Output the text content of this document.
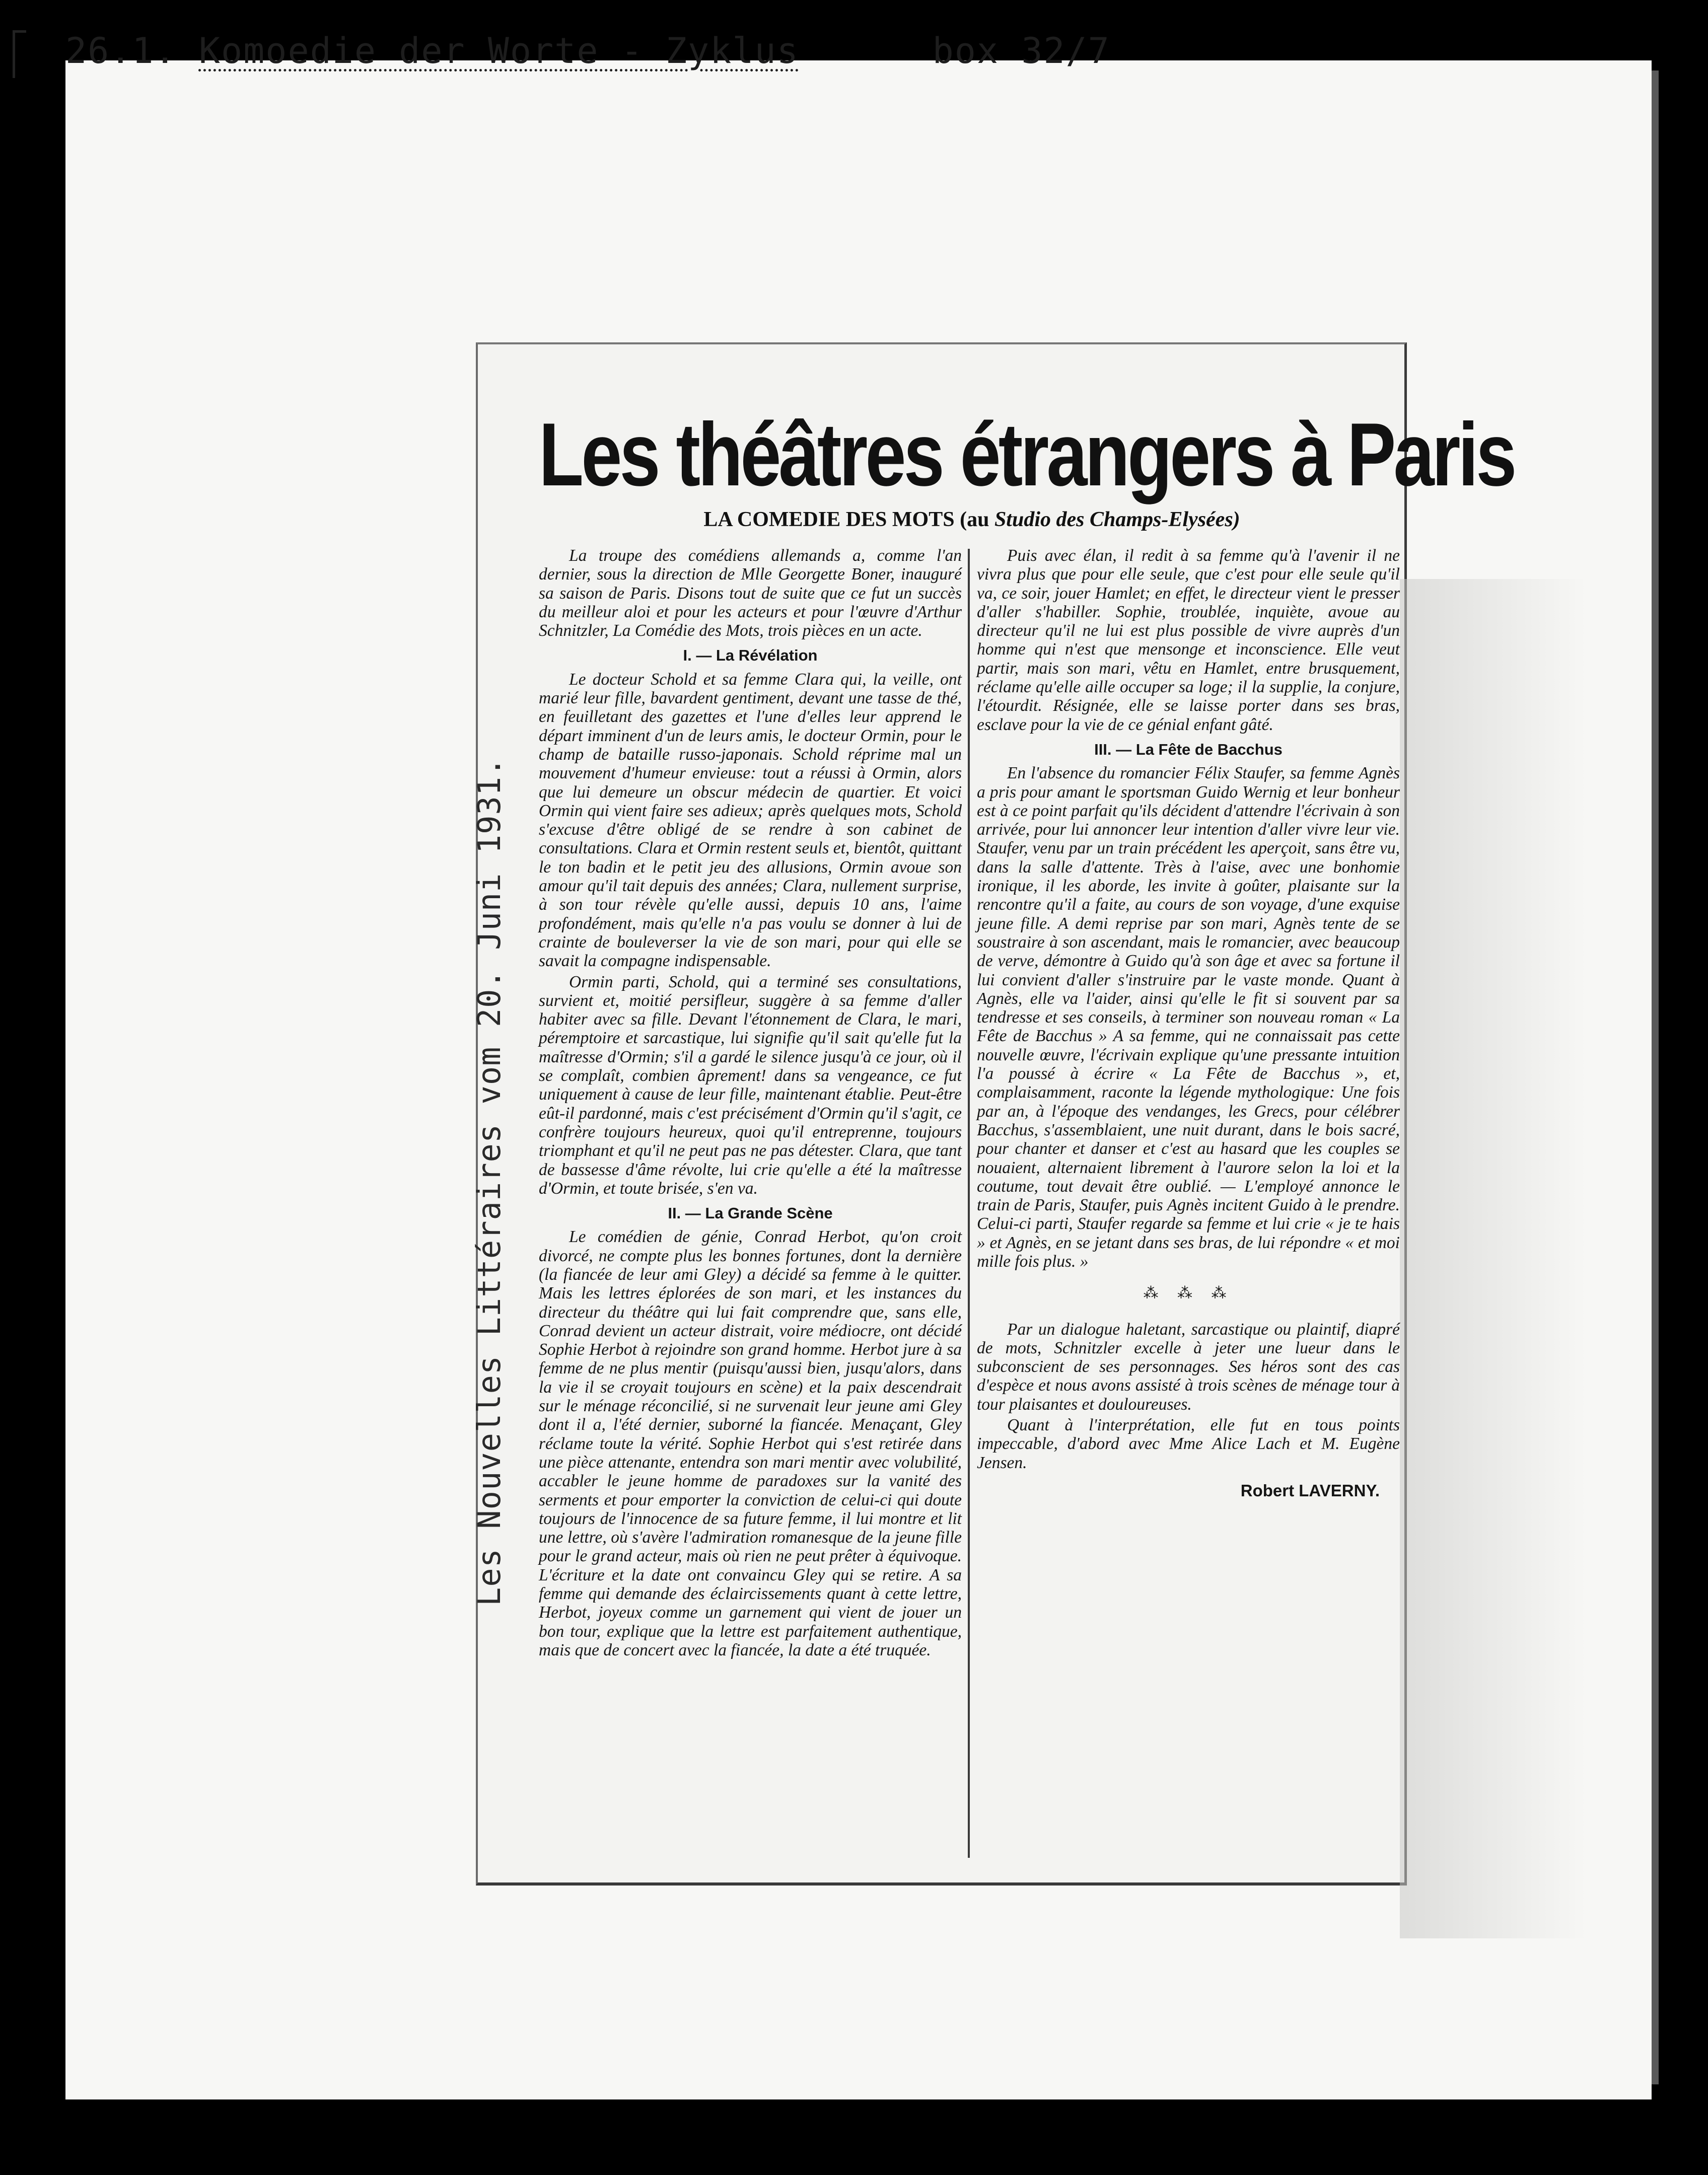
26.1. Komoedie der Worte - Zyklus	box 32/7
Les Nouvelles Littéraires vom 20. Juni 1931.
Les théâtres étrangers à Paris
LA COMEDIE DES MOTS (au Studio des Champs-Elysées)

La troupe des comédiens allemands a, comme l'an dernier, sous la direction de Mlle Georgette Boner, inauguré sa saison de Paris. Disons tout de suite que ce fut un succès du meilleur aloi et pour les acteurs et pour l'œuvre d'Arthur Schnitzler, La Comédie des Mots, trois pièces en un acte.

I. — La Révélation

Le docteur Schold et sa femme Clara qui, la veille, ont marié leur fille, bavardent gentiment, devant une tasse de thé, en feuilletant des gazettes et l'une d'elles leur apprend le départ imminent d'un de leurs amis, le docteur Ormin, pour le champ de bataille russo-japonais. Schold réprime mal un mouvement d'humeur envieuse: tout a réussi à Ormin, alors que lui demeure un obscur médecin de quartier. Et voici Ormin qui vient faire ses adieux; après quelques mots, Schold s'excuse d'être obligé de se rendre à son cabinet de consultations. Clara et Ormin restent seuls et, bientôt, quittant le ton badin et le petit jeu des allusions, Ormin avoue son amour qu'il tait depuis des années; Clara, nullement surprise, à son tour révèle qu'elle aussi, depuis 10 ans, l'aime profondément, mais qu'elle n'a pas voulu se donner à lui de crainte de bouleverser la vie de son mari, pour qui elle se savait la compagne indispensable.

Ormin parti, Schold, qui a terminé ses consultations, survient et, moitié persifleur, suggère à sa femme d'aller habiter avec sa fille. Devant l'étonnement de Clara, le mari, péremptoire et sarcastique, lui signifie qu'il sait qu'elle fut la maîtresse d'Ormin; s'il a gardé le silence jusqu'à ce jour, où il se complaît, combien âprement! dans sa vengeance, ce fut uniquement à cause de leur fille, maintenant établie. Peut-être eût-il pardonné, mais c'est précisément d'Ormin qu'il s'agit, ce confrère toujours heureux, quoi qu'il entreprenne, toujours triomphant et qu'il ne peut pas ne pas détester. Clara, que tant de bassesse d'âme révolte, lui crie qu'elle a été la maîtresse d'Ormin, et toute brisée, s'en va.

II. — La Grande Scène

Le comédien de génie, Conrad Herbot, qu'on croit divorcé, ne compte plus les bonnes fortunes, dont la dernière (la fiancée de leur ami Gley) a décidé sa femme à le quitter. Mais les lettres éplorées de son mari, et les instances du directeur du théâtre qui lui fait comprendre que, sans elle, Conrad devient un acteur distrait, voire médiocre, ont décidé Sophie Herbot à rejoindre son grand homme. Herbot jure à sa femme de ne plus mentir (puisqu'aussi bien, jusqu'alors, dans la vie il se croyait toujours en scène) et la paix descendrait sur le ménage réconcilié, si ne survenait leur jeune ami Gley dont il a, l'été dernier, suborné la fiancée. Menaçant, Gley réclame toute la vérité. Sophie Herbot qui s'est retirée dans une pièce attenante, entendra son mari mentir avec volubilité, accabler le jeune homme de paradoxes sur la vanité des serments et pour emporter la conviction de celui-ci qui doute toujours de l'innocence de sa future femme, il lui montre et lit une lettre, où s'avère l'admiration romanesque de la jeune fille pour le grand acteur, mais où rien ne peut prêter à équivoque. L'écriture et la date ont convaincu Gley qui se retire. A sa femme qui demande des éclaircissements quant à cette lettre, Herbot, joyeux comme un garnement qui vient de jouer un bon tour, explique que la lettre est parfaitement authentique, mais que de concert avec la fiancée, la date a été truquée.

Puis avec élan, il redit à sa femme qu'à l'avenir il ne vivra plus que pour elle seule, que c'est pour elle seule qu'il va, ce soir, jouer Hamlet; en effet, le directeur vient le presser d'aller s'habiller. Sophie, troublée, inquiète, avoue au directeur qu'il ne lui est plus possible de vivre auprès d'un homme qui n'est que mensonge et inconscience. Elle veut partir, mais son mari, vêtu en Hamlet, entre brusquement, réclame qu'elle aille occuper sa loge; il la supplie, la conjure, l'étourdit. Résignée, elle se laisse porter dans ses bras, esclave pour la vie de ce génial enfant gâté.

III. — La Fête de Bacchus

En l'absence du romancier Félix Staufer, sa femme Agnès a pris pour amant le sportsman Guido Wernig et leur bonheur est à ce point parfait qu'ils décident d'attendre l'écrivain à son arrivée, pour lui annoncer leur intention d'aller vivre leur vie. Staufer, venu par un train précédent les aperçoit, sans être vu, dans la salle d'attente. Très à l'aise, avec une bonhomie ironique, il les aborde, les invite à goûter, plaisante sur la rencontre qu'il a faite, au cours de son voyage, d'une exquise jeune fille. A demi reprise par son mari, Agnès tente de se soustraire à son ascendant, mais le romancier, avec beaucoup de verve, démontre à Guido qu'à son âge et avec sa fortune il lui convient d'aller s'instruire par le vaste monde. Quant à Agnès, elle va l'aider, ainsi qu'elle le fit si souvent par sa tendresse et ses conseils, à terminer son nouveau roman « La Fête de Bacchus » A sa femme, qui ne connaissait pas cette nouvelle œuvre, l'écrivain explique qu'une pressante intuition l'a poussé à écrire « La Fête de Bacchus », et, complaisamment, raconte la légende mythologique: Une fois par an, à l'époque des vendanges, les Grecs, pour célébrer Bacchus, s'assemblaient, une nuit durant, dans le bois sacré, pour chanter et danser et c'est au hasard que les couples se nouaient, alternaient librement à l'aurore selon la loi et la coutume, tout devait être oublié. — L'employé annonce le train de Paris, Staufer, puis Agnès incitent Guido à le prendre. Celui-ci parti, Staufer regarde sa femme et lui crie « je te hais » et Agnès, en se jetant dans ses bras, de lui répondre « et moi mille fois plus. »

⁂ ⁂ ⁂

Par un dialogue haletant, sarcastique ou plaintif, diapré de mots, Schnitzler excelle à jeter une lueur dans le subconscient de ses personnages. Ses héros sont des cas d'espèce et nous avons assisté à trois scènes de ménage tour à tour plaisantes et douloureuses.

Quant à l'interprétation, elle fut en tous points impeccable, d'abord avec Mme Alice Lach et M. Eugène Jensen.

Robert LAVERNY.
